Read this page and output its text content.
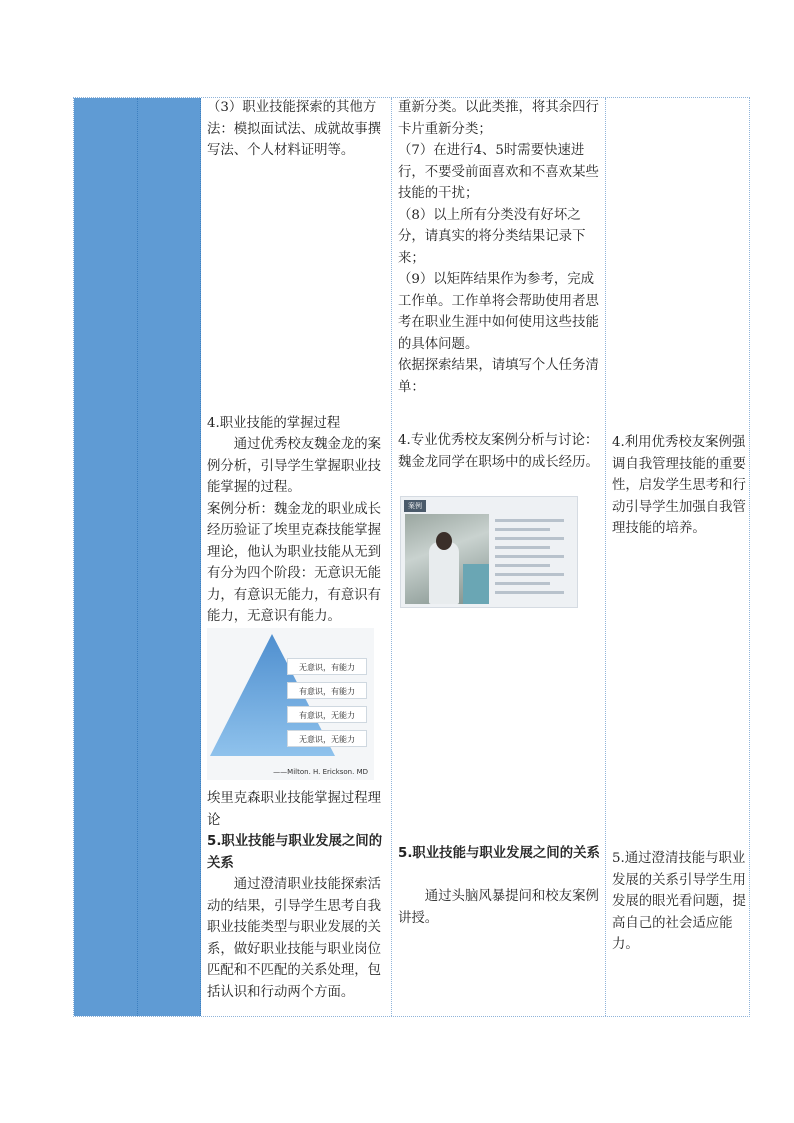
（3）职业技能探索的其他方法：模拟面试法、成就故事撰写法、个人材料证明等。
4.职业技能的掌握过程
　　通过优秀校友魏金龙的案例分析，引导学生掌握职业技能掌握的过程。
案例分析：魏金龙的职业成长经历验证了埃里克森技能掌握理论，他认为职业技能从无到有分为四个阶段：无意识无能力，有意识无能力，有意识有能力，无意识有能力。
无意识，有能力
有意识，有能力
有意识，无能力
无意识，无能力
——Milton. H. Erickson. MD
埃里克森职业技能掌握过程理论
5.职业技能与职业发展之间的关系
　　通过澄清职业技能探索活动的结果，引导学生思考自我职业技能类型与职业发展的关系，做好职业技能与职业岗位匹配和不匹配的关系处理，包括认识和行动两个方面。
重新分类。以此类推，将其余四行卡片重新分类；
（7）在进行4、5时需要快速进行，不要受前面喜欢和不喜欢某些技能的干扰；
（8）以上所有分类没有好坏之分，请真实的将分类结果记录下来；
（9）以矩阵结果作为参考，完成工作单。工作单将会帮助使用者思考在职业生涯中如何使用这些技能的具体问题。
依据探索结果，请填写个人任务清单：
4.专业优秀校友案例分析与讨论：魏金龙同学在职场中的成长经历。
案例
5.职业技能与职业发展之间的关系
　　通过头脑风暴提问和校友案例讲授。
4.利用优秀校友案例强调自我管理技能的重要性，启发学生思考和行动引导学生加强自我管理技能的培养。
5.通过澄清技能与职业发展的关系引导学生用发展的眼光看问题，提高自己的社会适应能力。
